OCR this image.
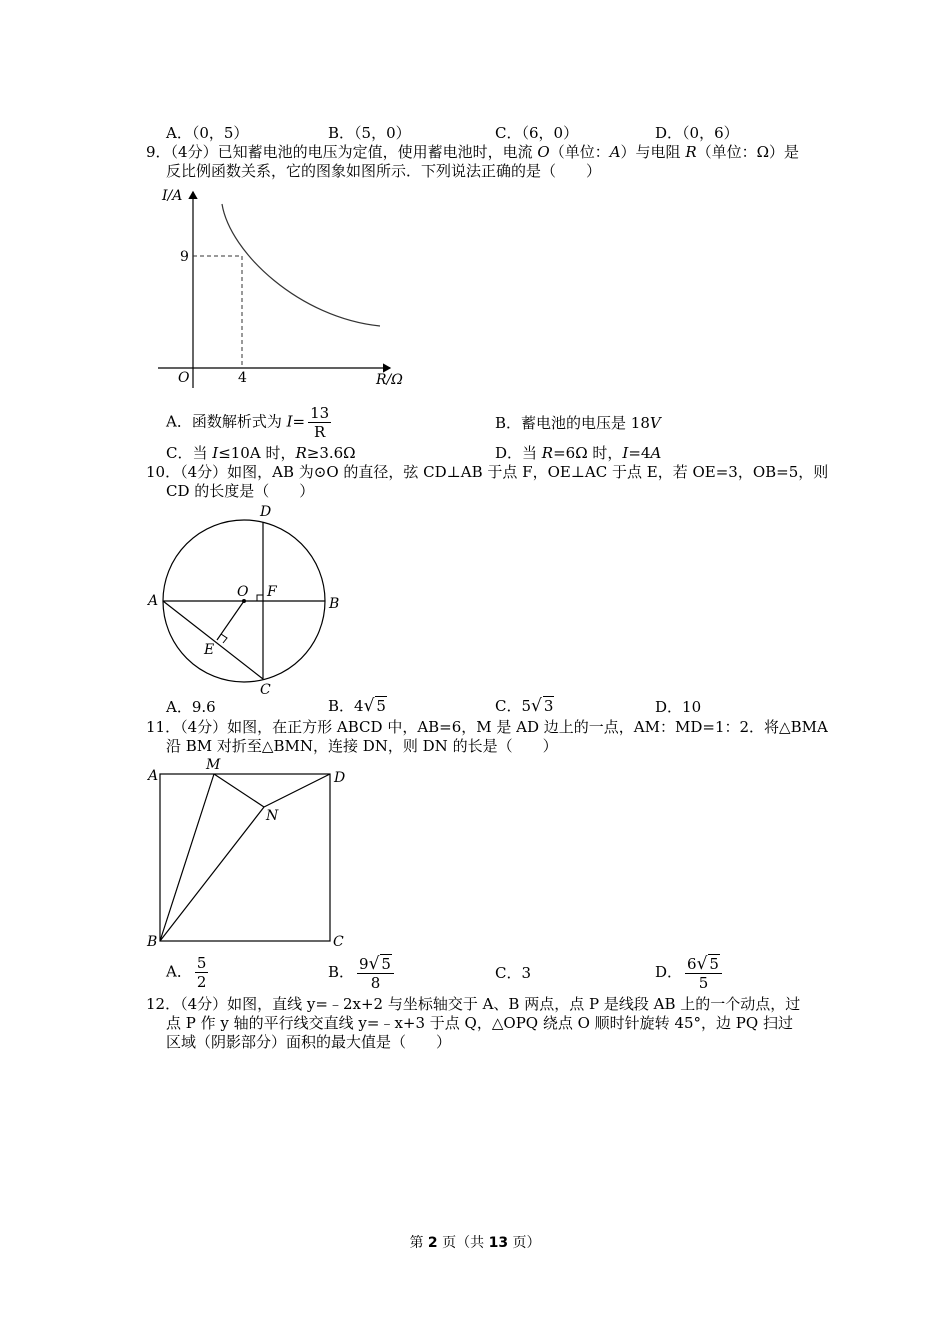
A．（0，5）	B．（5，0）	C．（6，0）	D．（0，6）
9．（4分）已知蓄电池的电压为定值，使用蓄电池时，电流 O（单位：A）与电阻 R（单位：Ω）是
反比例函数关系，它的图象如图所示．下列说法正确的是（　　）
I/A
R/Ω
O
9
4
A．函数解析式为 $I= \frac{13}{R}$	B．蓄电池的电压是 18V
C．当 I≤10A 时，R≥3.6Ω	D．当 R=6Ω 时，I=4A
10．（4分）如图，AB 为⊙O 的直径，弦 CD⊥AB 于点 F，OE⊥AC 于点 E，若 OE=3，OB=5，则
CD 的长度是（　　）
A	B
C
D
O F
E
A．9.6	B．4√ 5	C．5√ 3	D．10
11．（4分）如图，在正方形 ABCD 中，AB=6，M 是 AD 边上的一点，AM：MD=1：2．将△BMA
沿 BM 对折至△BMN，连接 DN，则 DN 的长是（　　）
A
M
D
N
B	C
A． $\frac{5}{2}$	B． $\frac{9√ 5}{8}$	C．3	D． $\frac{6√ 5}{5}$
12．（4分）如图，直线 y=﹣2x+2 与坐标轴交于 A、B 两点，点 P 是线段 AB 上的一个动点，过
点 P 作 y 轴的平行线交直线 y=﹣x+3 于点 Q，△OPQ 绕点 O 顺时针旋转 45°，边 PQ 扫过
区域（阴影部分）面积的最大值是（　　）
第 2 页（共 13 页）
